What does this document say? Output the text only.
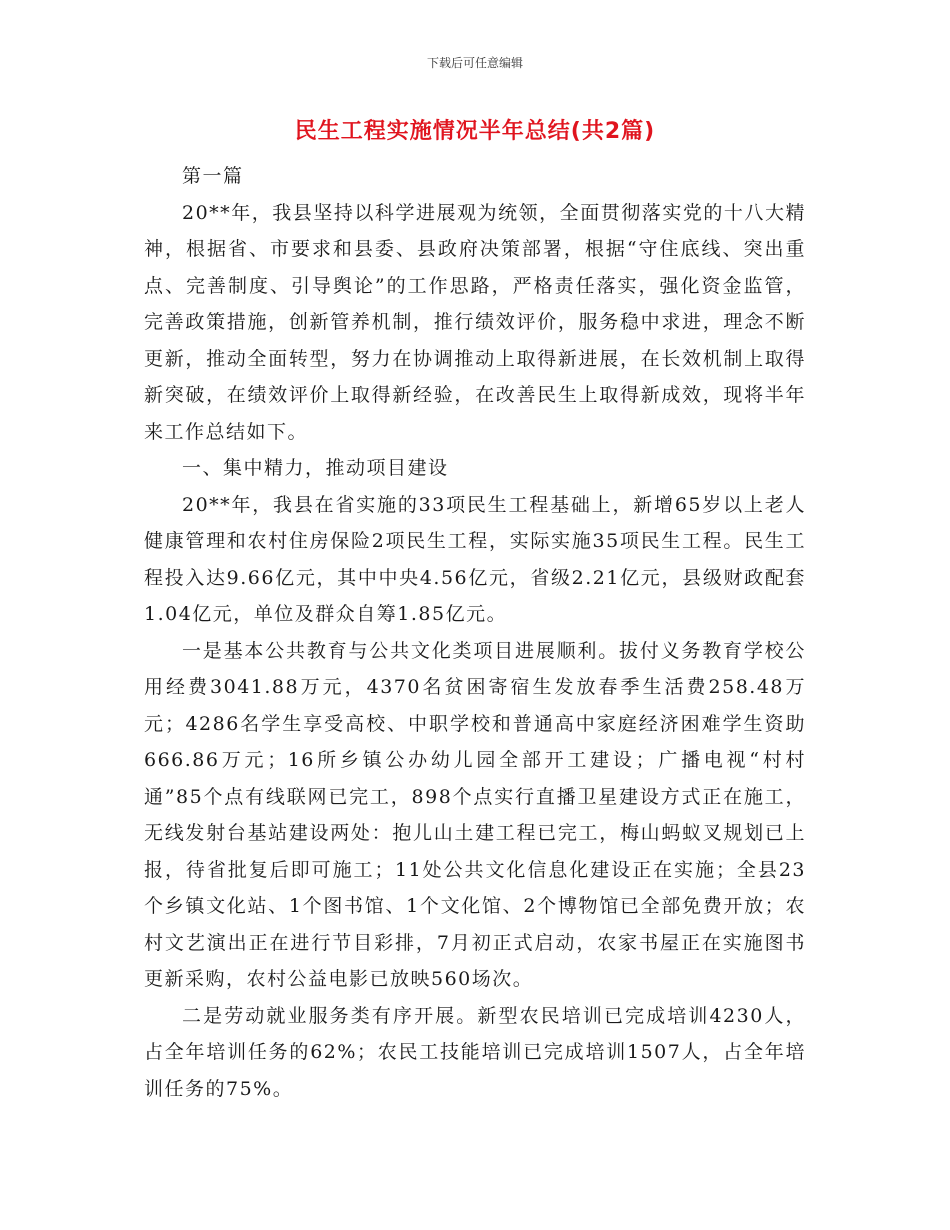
下载后可任意编辑
民生工程实施情况半年总结(共2篇)

第一篇

20**年，我县坚持以科学进展观为统领，全面贯彻落实党的十八大精神，根据省、市要求和县委、县政府决策部署，根据“守住底线、突出重点、完善制度、引导舆论”的工作思路，严格责任落实，强化资金监管，完善政策措施，创新管养机制，推行绩效评价，服务稳中求进，理念不断更新，推动全面转型，努力在协调推动上取得新进展，在长效机制上取得新突破，在绩效评价上取得新经验，在改善民生上取得新成效，现将半年来工作总结如下。

一、集中精力，推动项目建设

20**年，我县在省实施的33项民生工程基础上，新增65岁以上老人健康管理和农村住房保险2项民生工程，实际实施35项民生工程。民生工程投入达9.66亿元，其中中央4.56亿元，省级2.21亿元，县级财政配套1.04亿元，单位及群众自筹1.85亿元。

一是基本公共教育与公共文化类项目进展顺利。拔付义务教育学校公用经费3041.88万元，4370名贫困寄宿生发放春季生活费258.48万元；4286名学生享受高校、中职学校和普通高中家庭经济困难学生资助666.86万元；16所乡镇公办幼儿园全部开工建设；广播电视“村村通”85个点有线联网已完工，898个点实行直播卫星建设方式正在施工，无线发射台基站建设两处：抱儿山土建工程已完工，梅山蚂蚁叉规划已上报，待省批复后即可施工；11处公共文化信息化建设正在实施；全县23个乡镇文化站、1个图书馆、1个文化馆、2个博物馆已全部免费开放；农村文艺演出正在进行节目彩排，7月初正式启动，农家书屋正在实施图书更新采购，农村公益电影已放映560场次。

二是劳动就业服务类有序开展。新型农民培训已完成培训4230人，占全年培训任务的62%；农民工技能培训已完成培训1507人，占全年培训任务的75%。
